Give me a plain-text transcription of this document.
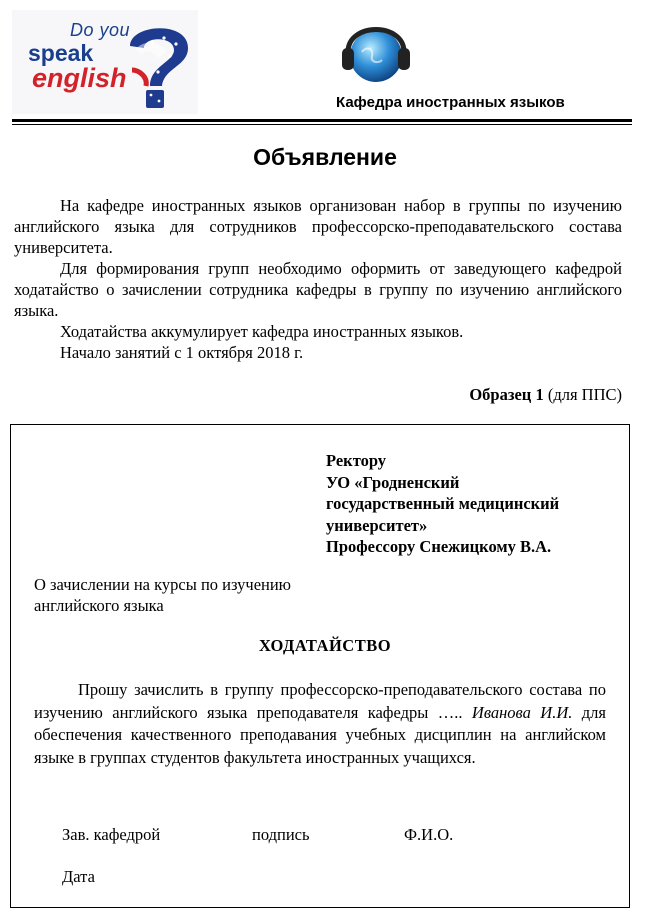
Do you
speak
english
Кафедра иностранных языков
Объявление
На кафедре иностранных языков организован набор в группы по изучению английского языка для сотрудников профессорско-преподавательского состава университета.
Для формирования групп необходимо оформить от заведующего кафедрой ходатайство о зачислении сотрудника кафедры в группу по изучению английского языка.
Ходатайства аккумулирует кафедра иностранных языков.
Начало занятий с 1 октября 2018 г.
Образец 1 (для ППС)
Ректору
УО «Гродненский
государственный медицинский
университет»
Профессору Снежицкому В.А.
О зачислении на курсы по изучению
английского языка
ХОДАТАЙСТВО
Прошу зачислить в группу профессорско-преподавательского состава по изучению английского языка преподавателя кафедры ….. Иванова И.И. для обеспечения качественного преподавания учебных дисциплин на английском языке в группах студентов факультета иностранных учащихся.
Зав. кафедрой	подпись	Ф.И.О.
Дата
